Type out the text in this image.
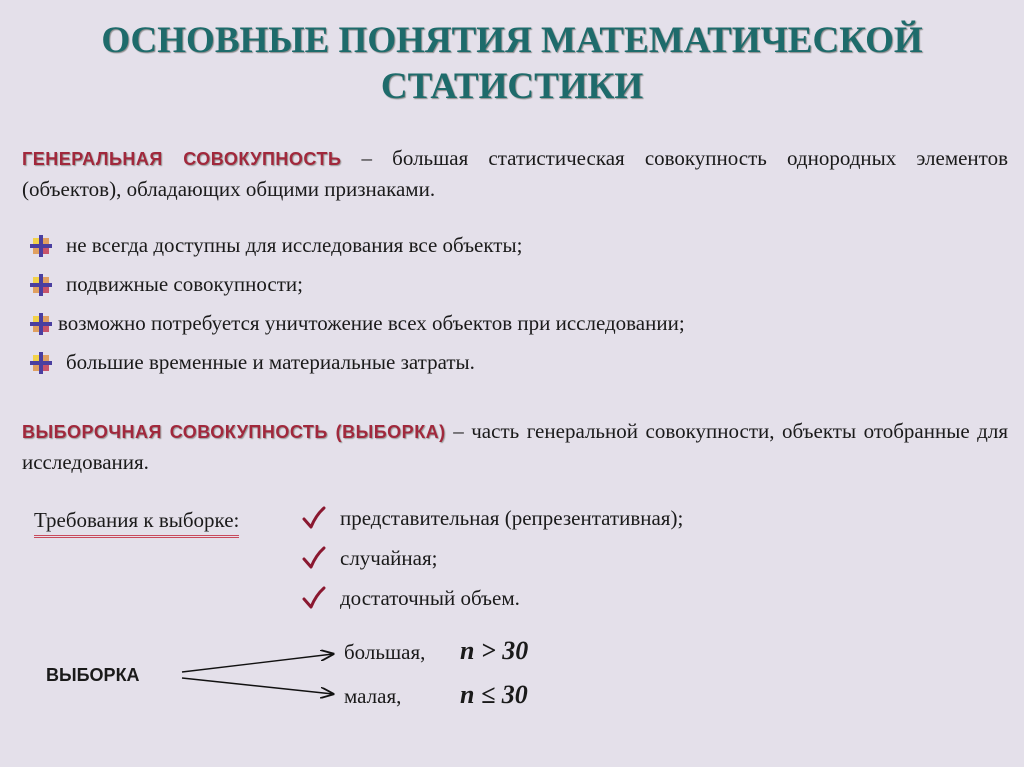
ОСНОВНЫЕ ПОНЯТИЯ МАТЕМАТИЧЕСКОЙ
СТАТИСТИКИ
ГЕНЕРАЛЬНАЯ СОВОКУПНОСТЬ – большая статистическая совокупность однородных элементов (объектов), обладающих общими признаками.
не всегда доступны для исследования все объекты;
подвижные совокупности;
возможно потребуется уничтожение всех объектов при исследовании;
большие временные и материальные затраты.
ВЫБОРОЧНАЯ СОВОКУПНОСТЬ (ВЫБОРКА) – часть генеральной совокупности, объекты отобранные для исследования.
Требования к выборке:	представительная (репрезентативная);
случайная;
достаточный объем.
ВЫБОРКА
большая, n > 30
малая, n ≤ 30
